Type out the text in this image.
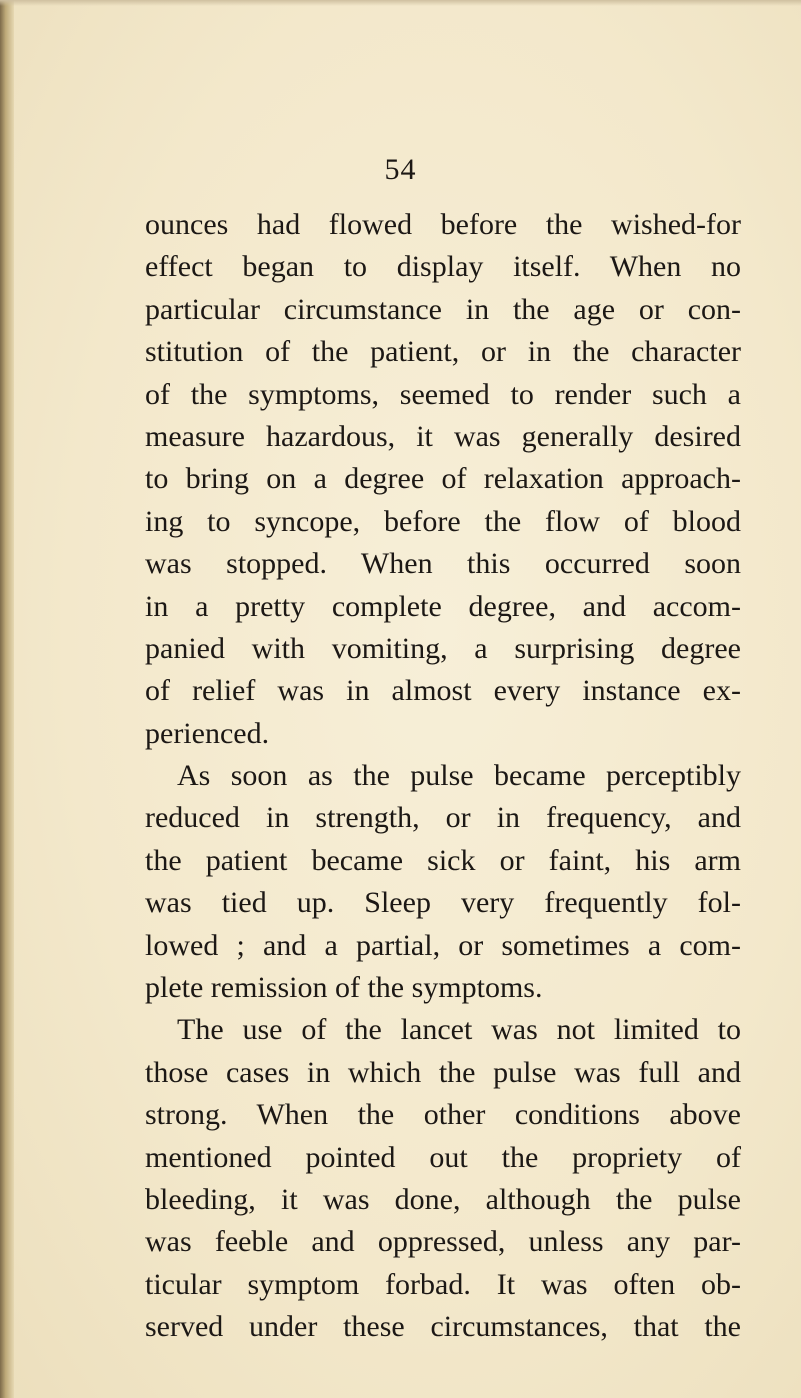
54
ounces had flowed before the wished-for
effect began to display itself. When no
particular circumstance in the age or con-
stitution of the patient, or in the character
of the symptoms, seemed to render such a
measure hazardous, it was generally desired
to bring on a degree of relaxation approach-
ing to syncope, before the flow of blood
was stopped. When this occurred soon
in a pretty complete degree, and accom-
panied with vomiting, a surprising degree
of relief was in almost every instance ex-
perienced.
As soon as the pulse became perceptibly
reduced in strength, or in frequency, and
the patient became sick or faint, his arm
was tied up. Sleep very frequently fol-
lowed ; and a partial, or sometimes a com-
plete remission of the symptoms.
The use of the lancet was not limited to
those cases in which the pulse was full and
strong. When the other conditions above
mentioned pointed out the propriety of
bleeding, it was done, although the pulse
was feeble and oppressed, unless any par-
ticular symptom forbad. It was often ob-
served under these circumstances, that the
